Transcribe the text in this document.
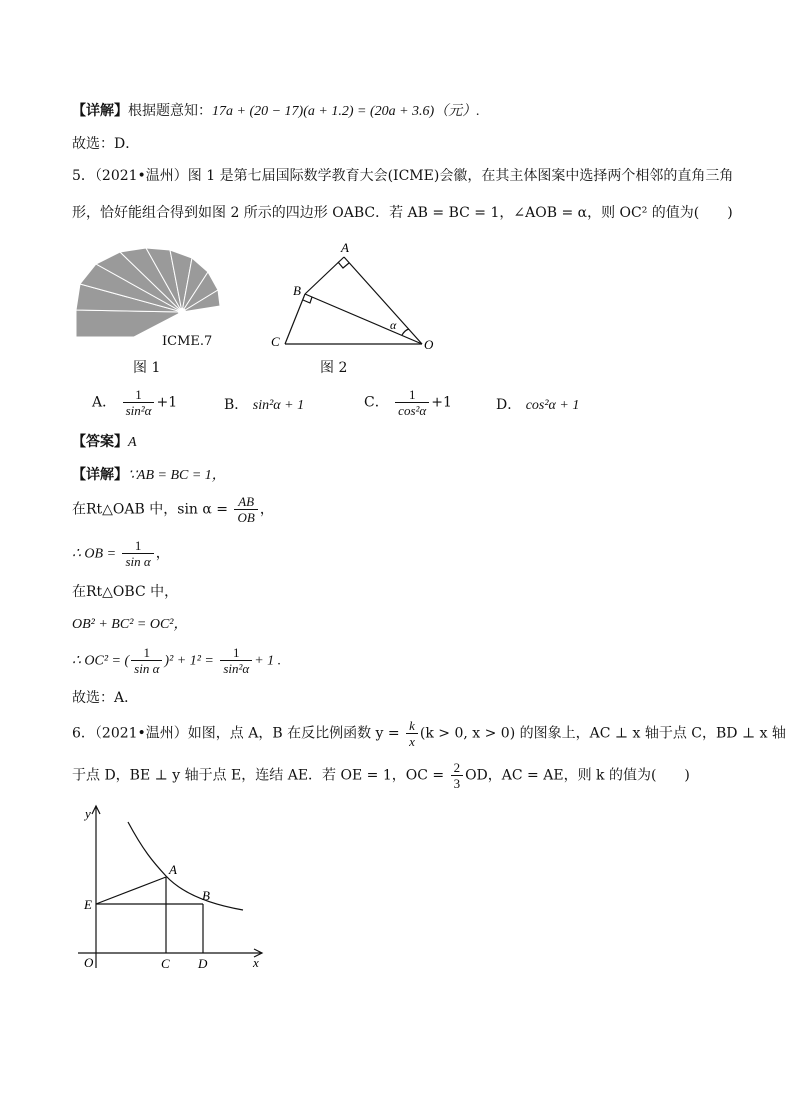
【详解】根据题意知：17a + (20 − 17)(a + 1.2) = (20a + 3.6)（元）.
故选：D．
5．（2021•温州）图 1 是第七届国际数学教育大会(ICME)会徽，在其主体图案中选择两个相邻的直角三角
形，恰好能组合得到如图 2 所示的四边形 OABC．若 AB = BC = 1，∠AOB = α，则 OC² 的值为(　　)
ICME.7
图 1
A
B
C	O
α
图 2
A． $\frac{1}{\text{sin²α}} +1$	B． sin²α + 1	C． $\frac{1}{\text{cos²α}} +1$	D． cos²α + 1
【答案】A
【详解】∵AB = BC = 1，
在Rt△OAB 中，$\sin \alpha = \frac{AB}{OB}$ ，
∴ OB = $\frac{1}{\text{sin α}}$ ，
在Rt△OBC 中，
OB² + BC² = OC²，
∴ OC² = ( $\frac{1}{\text{sin α}} )^2 + 1^2 = \frac{1}{\text{sin²α}} + 1$ .
故选：A．
6．（2021•温州）如图，点 A，B 在反比例函数 $y = \frac{k}{x} (k > 0$, x > 0) 的图象上，AC ⊥ x 轴于点 C，BD ⊥ x 轴
于点 D，BE ⊥ y 轴于点 E，连结 AE．若 OE = 1，OC = $\frac{2}{3}$ OD，AC = AE，则 k 的值为(　　)
y
x
O
E
A
B
C D
